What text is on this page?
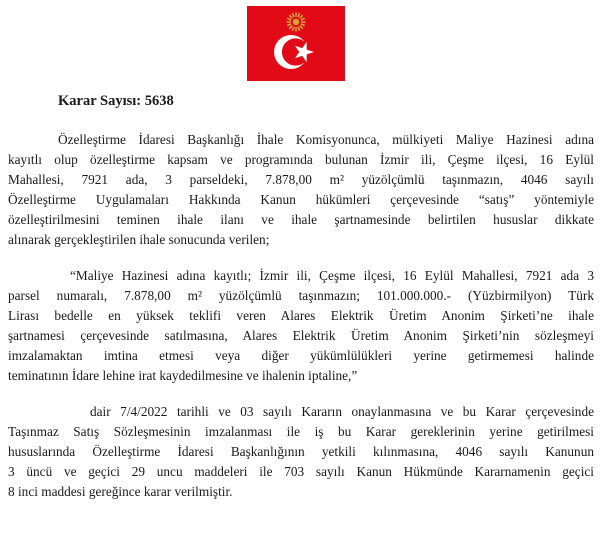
Karar Sayısı: 5638
Özelleştirme İdaresi Başkanlığı İhale Komisyonunca, mülkiyeti Maliye Hazinesi adına
kayıtlı olup özelleştirme kapsam ve programında bulunan İzmir ili, Çeşme ilçesi, 16 Eylül
Mahallesi, 7921 ada, 3 parseldeki, 7.878,00 m² yüzölçümlü taşınmazın, 4046 sayılı
Özelleştirme Uygulamaları Hakkında Kanun hükümleri çerçevesinde “satış” yöntemiyle
özelleştirilmesini teminen ihale ilanı ve ihale şartnamesinde belirtilen hususlar dikkate
alınarak gerçekleştirilen ihale sonucunda verilen;
“Maliye Hazinesi adına kayıtlı; İzmir ili, Çeşme ilçesi, 16 Eylül Mahallesi, 7921 ada 3
parsel numaralı, 7.878,00 m² yüzölçümlü taşınmazın; 101.000.000.- (Yüzbirmilyon) Türk
Lirası bedelle en yüksek teklifi veren Alares Elektrik Üretim Anonim Şirketi’ne ihale
şartnamesi çerçevesinde satılmasına, Alares Elektrik Üretim Anonim Şirketi’nin sözleşmeyi
imzalamaktan imtina etmesi veya diğer yükümlülükleri yerine getirmemesi halinde
teminatının İdare lehine irat kaydedilmesine ve ihalenin iptaline,”
dair 7/4/2022 tarihli ve 03 sayılı Kararın onaylanmasına ve bu Karar çerçevesinde
Taşınmaz Satış Sözleşmesinin imzalanması ile iş bu Karar gereklerinin yerine getirilmesi
hususlarında Özelleştirme İdaresi Başkanlığının yetkili kılınmasına, 4046 sayılı Kanunun
3 üncü ve geçici 29 uncu maddeleri ile 703 sayılı Kanun Hükmünde Kararnamenin geçici
8 inci maddesi gereğince karar verilmiştir.
